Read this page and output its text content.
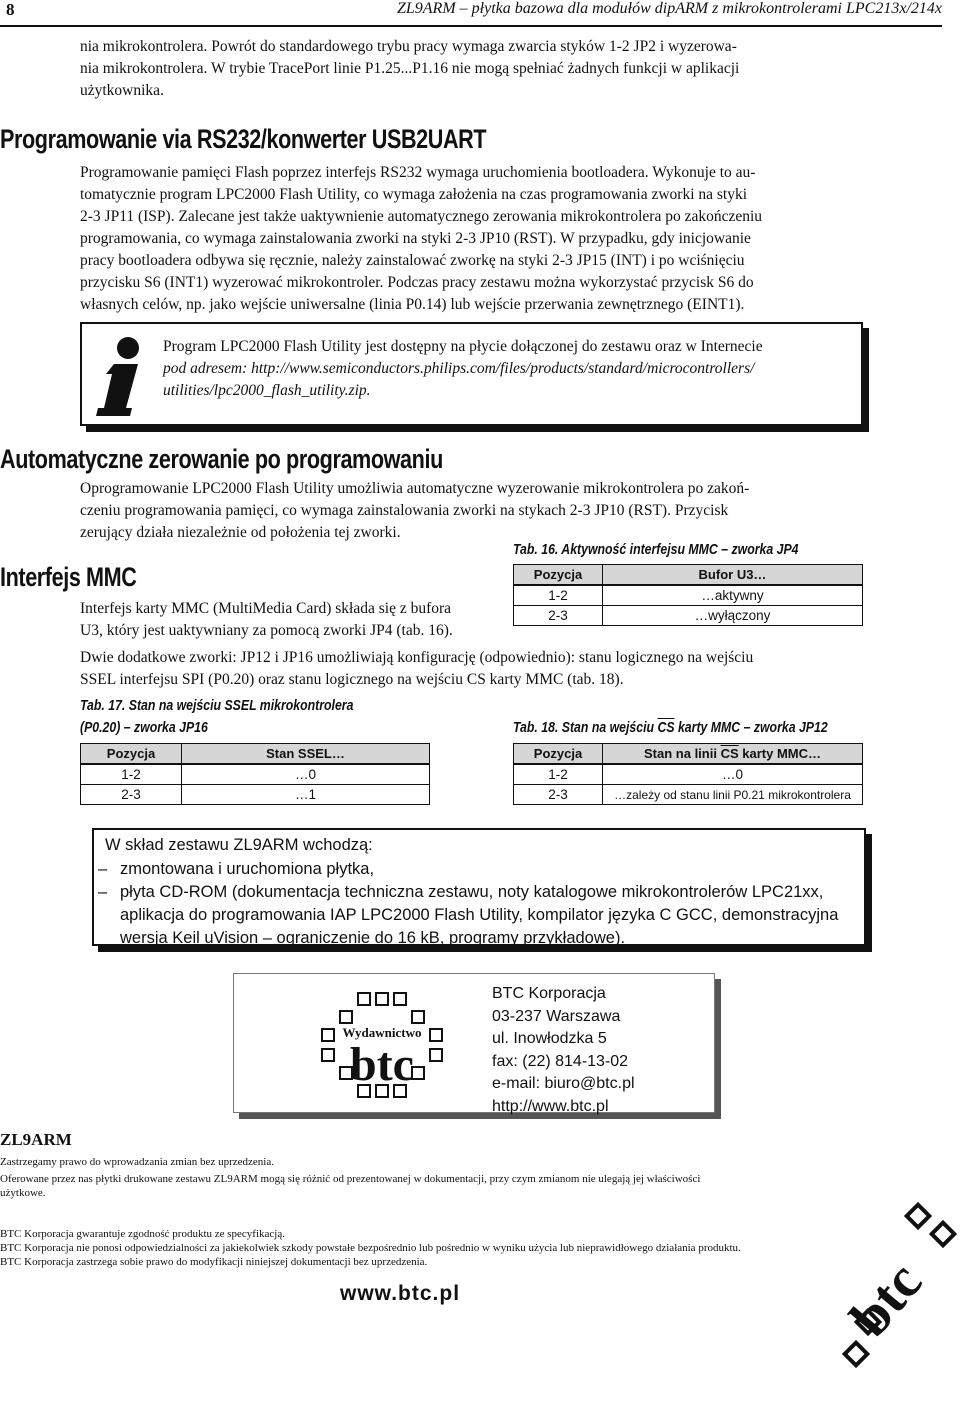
8	ZL9ARM – płytka bazowa dla modułów dipARM z mikrokontrolerami LPC213x/214x
nia mikrokontrolera. Powrót do standardowego trybu pracy wymaga zwarcia styków 1-2 JP2 i wyzerowa-
nia mikrokontrolera. W trybie TracePort linie P1.25...P1.16 nie mogą spełniać żadnych funkcji w aplikacji
użytkownika.
Programowanie via RS232/konwerter USB2UART
Programowanie pamięci Flash poprzez interfejs RS232 wymaga uruchomienia bootloadera. Wykonuje to au-
tomatycznie program LPC2000 Flash Utility, co wymaga założenia na czas programowania zworki na styki
2-3 JP11 (ISP). Zalecane jest także uaktywnienie automatycznego zerowania mikrokontrolera po zakończeniu
programowania, co wymaga zainstalowania zworki na styki 2-3 JP10 (RST). W przypadku, gdy inicjowanie
pracy bootloadera odbywa się ręcznie, należy zainstalować zworkę na styki 2-3 JP15 (INT) i po wciśnięciu
przycisku S6 (INT1) wyzerować mikrokontroler. Podczas pracy zestawu można wykorzystać przycisk S6 do
własnych celów, np. jako wejście uniwersalne (linia P0.14) lub wejście przerwania zewnętrznego (EINT1).
Program LPC2000 Flash Utility jest dostępny na płycie dołączonej do zestawu oraz w Internecie
pod adresem: http://www.semiconductors.philips.com/files/products/standard/microcontrollers/
utilities/lpc2000_flash_utility.zip.
Automatyczne zerowanie po programowaniu
Oprogramowanie LPC2000 Flash Utility umożliwia automatyczne wyzerowanie mikrokontrolera po zakoń-
czeniu programowania pamięci, co wymaga zainstalowania zworki na stykach 2-3 JP10 (RST). Przycisk
zerujący działa niezależnie od położenia tej zworki.
Tab. 16. Aktywność interfejsu MMC – zworka JP4
Pozycja	Bufor U3…
1-2	…aktywny
2-3	…wyłączony
Interfejs MMC
Interfejs karty MMC (MultiMedia Card) składa się z bufora
U3, który jest uaktywniany za pomocą zworki JP4 (tab. 16).
Dwie dodatkowe zworki: JP12 i JP16 umożliwiają konfigurację (odpowiednio): stanu logicznego na wejściu
SSEL interfejsu SPI (P0.20) oraz stanu logicznego na wejściu CS karty MMC (tab. 18).
Tab. 17. Stan na wejściu SSEL mikrokontrolera
(P0.20) – zworka JP16
Pozycja	Stan SSEL…
1-2	…0
2-3	…1
Tab. 18. Stan na wejściu $\overline{CS}$ karty MMC – zworka JP12
Pozycja	Stan na linii $\overline{CS}$ karty MMC…
1-2	…0
2-3	…zależy od stanu linii P0.21 mikrokontrolera
W skład zestawu ZL9ARM wchodzą:
– zmontowana i uruchomiona płytka,
– płyta CD-ROM (dokumentacja techniczna zestawu, noty katalogowe mikrokontrolerów LPC21xx, aplikacja do programowania IAP LPC2000 Flash Utility, kompilator języka C GCC, demonstracyjna wersja Keil uVision – ograniczenie do 16 kB, programy przykładowe).
Wydawnictwo
btc
BTC Korporacja
03-237 Warszawa
ul. Inowłodzka 5
fax: (22) 814-13-02
e-mail: biuro@btc.pl
http://www.btc.pl
ZL9ARM
Zastrzegamy prawo do wprowadzania zmian bez uprzedzenia.
Oferowane przez nas płytki drukowane zestawu ZL9ARM mogą się różnić od prezentowanej w dokumentacji, przy czym zmianom nie ulegają jej właściwości
użytkowe.
BTC Korporacja gwarantuje zgodność produktu ze specyfikacją.
BTC Korporacja nie ponosi odpowiedzialności za jakiekolwiek szkody powstałe bezpośrednio lub pośrednio w wyniku użycia lub nieprawidłowego działania produktu.
BTC Korporacja zastrzega sobie prawo do modyfikacji niniejszej dokumentacji bez uprzedzenia.
www.btc.pl	btc
